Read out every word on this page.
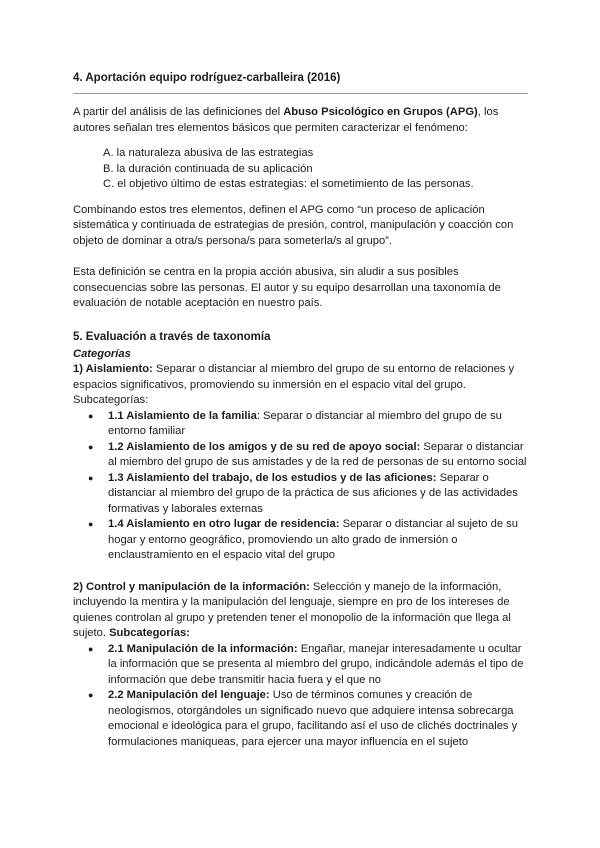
4. Aportación equipo rodríguez-carballeira (2016)

A partir del análisis de las definiciones del Abuso Psicológico en Grupos (APG), los autores señalan tres elementos básicos que permiten caracterizar el fenómeno:

A. la naturaleza abusiva de las estrategias
B. la duración continuada de su aplicación
C. el objetivo último de estas estrategias: el sometimiento de las personas.

Combinando estos tres elementos, definen el APG como “un proceso de aplicación sistemática y continuada de estrategias de presión, control, manipulación y coacción con objeto de dominar a otra/s persona/s para someterla/s al grupo”.

Esta definición se centra en la propia acción abusiva, sin aludir a sus posibles consecuencias sobre las personas. El autor y su equipo desarrollan una taxonomía de evaluación de notable aceptación en nuestro país.

5. Evaluación a través de taxonomía

Categorías

1) Aislamiento: Separar o distanciar al miembro del grupo de su entorno de relaciones y espacios significativos, promoviendo su inmersión en el espacio vital del grupo.

Subcategorías:

● 1.1 Aislamiento de la familia: Separar o distanciar al miembro del grupo de su entorno familiar
● 1.2 Aislamiento de los amigos y de su red de apoyo social: Separar o distanciar al miembro del grupo de sus amistades y de la red de personas de su entorno social
● 1.3 Aislamiento del trabajo, de los estudios y de las aficiones: Separar o distanciar al miembro del grupo de la práctica de sus aficiones y de las actividades formativas y laborales externas
● 1.4 Aislamiento en otro lugar de residencia: Separar o distanciar al sujeto de su hogar y entorno geográfico, promoviendo un alto grado de inmersión o enclaustramiento en el espacio vital del grupo

2) Control y manipulación de la información: Selección y manejo de la información, incluyendo la mentira y la manipulación del lenguaje, siempre en pro de los intereses de quienes controlan al grupo y pretenden tener el monopolio de la información que llega al sujeto. Subcategorías:

● 2.1 Manipulación de la información: Engañar, manejar interesadamente u ocultar la información que se presenta al miembro del grupo, indicándole además el tipo de información que debe transmitir hacia fuera y el que no
● 2.2 Manipulación del lenguaje: Uso de términos comunes y creación de neologismos, otorgándoles un significado nuevo que adquiere intensa sobrecarga emocional e ideológica para el grupo, facilitando así el uso de clichés doctrinales y formulaciones maniqueas, para ejercer una mayor influencia en el sujeto
